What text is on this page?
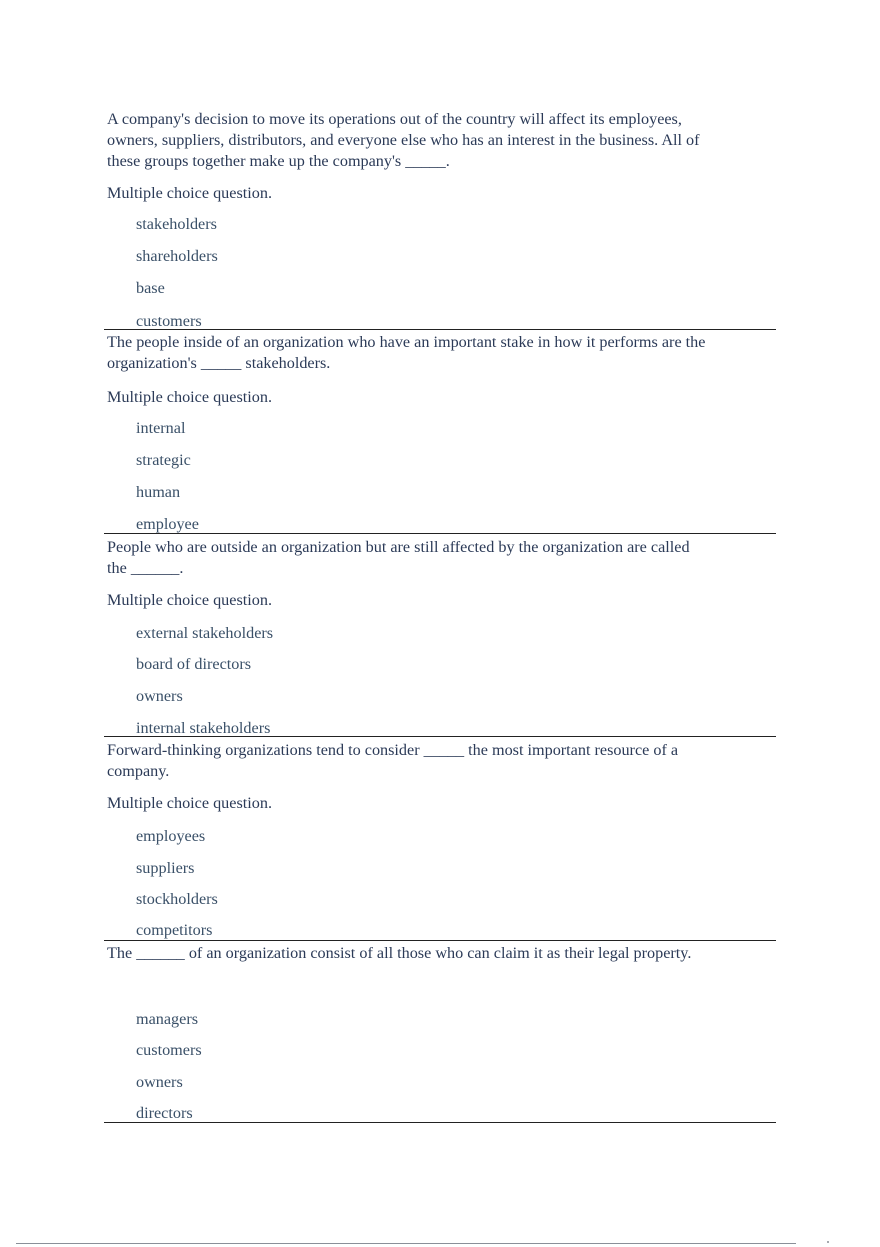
A company's decision to move its operations out of the country will affect its employees, owners, suppliers, distributors, and everyone else who has an interest in the business. All of these groups together make up the company's _____.

Multiple choice question.

stakeholders
shareholders
base
customers

The people inside of an organization who have an important stake in how it performs are the organization's _____ stakeholders.

Multiple choice question.

internal
strategic
human
employee

People who are outside an organization but are still affected by the organization are called the ______.

Multiple choice question.

external stakeholders
board of directors
owners
internal stakeholders

Forward-thinking organizations tend to consider _____ the most important resource of a company.

Multiple choice question.

employees
suppliers
stockholders
competitors

The ______ of an organization consist of all those who can claim it as their legal property.

managers
customers
owners
directors
